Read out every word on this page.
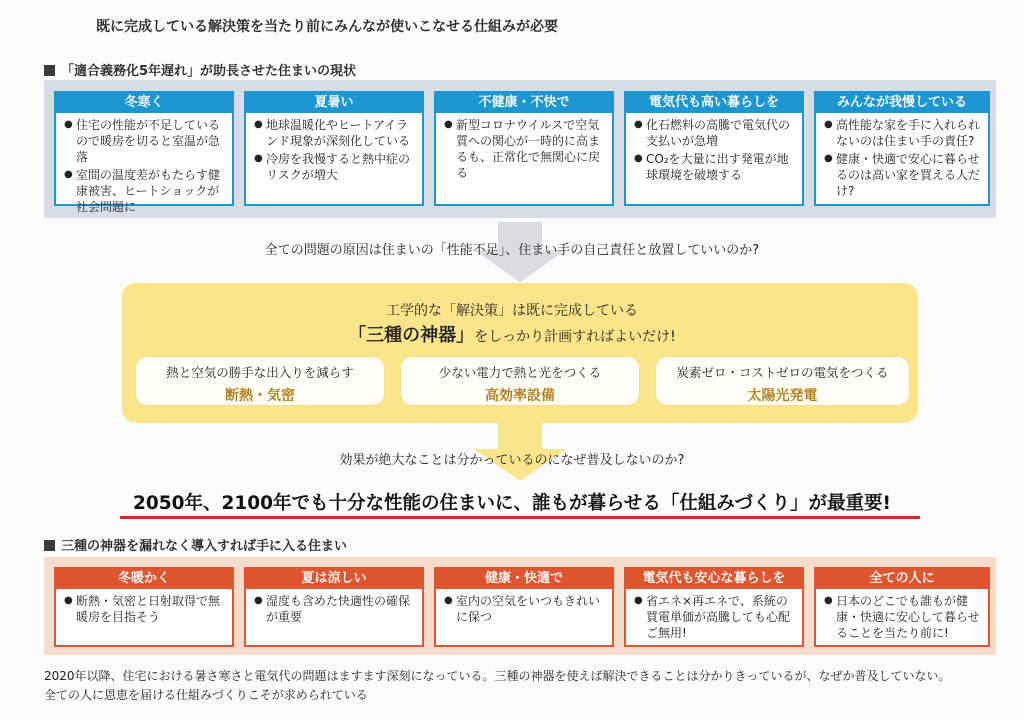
既に完成している解決策を当たり前にみんなが使いこなせる仕組みが必要
「適合義務化5年遅れ」が助長させた住まいの現状
冬寒く
● 住宅の性能が不足しているので暖房を切ると室温が急落
● 室間の温度差がもたらす健康被害、ヒートショックが社会問題に
夏暑い
● 地球温暖化やヒートアイランド現象が深刻化している
● 冷房を我慢すると熱中症のリスクが増大
不健康・不快で
● 新型コロナウイルスで空気質への関心が一時的に高まるも、正常化で無関心に戻る
電気代も高い暮らしを
● 化石燃料の高騰で電気代の支払いが急増
● CO₂を大量に出す発電が地球環境を破壊する
みんなが我慢している
● 高性能な家を手に入れられないのは住まい手の責任?
● 健康・快適で安心に暮らせるのは高い家を買える人だけ?
全ての問題の原因は住まいの「性能不足」、住まい手の自己責任と放置していいのか?
工学的な「解決策」は既に完成している
「三種の神器」をしっかり計画すればよいだけ!
熱と空気の勝手な出入りを減らす
断熱・気密
少ない電力で熱と光をつくる
高効率設備
炭素ゼロ・コストゼロの電気をつくる
太陽光発電
効果が絶大なことは分かっているのになぜ普及しないのか?
2050年、2100年でも十分な性能の住まいに、誰もが暮らせる「仕組みづくり」が最重要!
三種の神器を漏れなく導入すれば手に入る住まい
冬暖かく
● 断熱・気密と日射取得で無暖房を目指そう
夏は涼しい
● 湿度も含めた快適性の確保が重要
健康・快適で
● 室内の空気をいつもきれいに保つ
電気代も安心な暮らしを
● 省エネ×再エネで、系統の買電単価が高騰しても心配ご無用!
全ての人に
● 日本のどこでも誰もが健康・快適に安心して暮らせることを当たり前に!
2020年以降、住宅における暑さ寒さと電気代の問題はますます深刻になっている。三種の神器を使えば解決できることは分かりきっているが、なぜか普及していない。
全ての人に恩恵を届ける仕組みづくりこそが求められている
